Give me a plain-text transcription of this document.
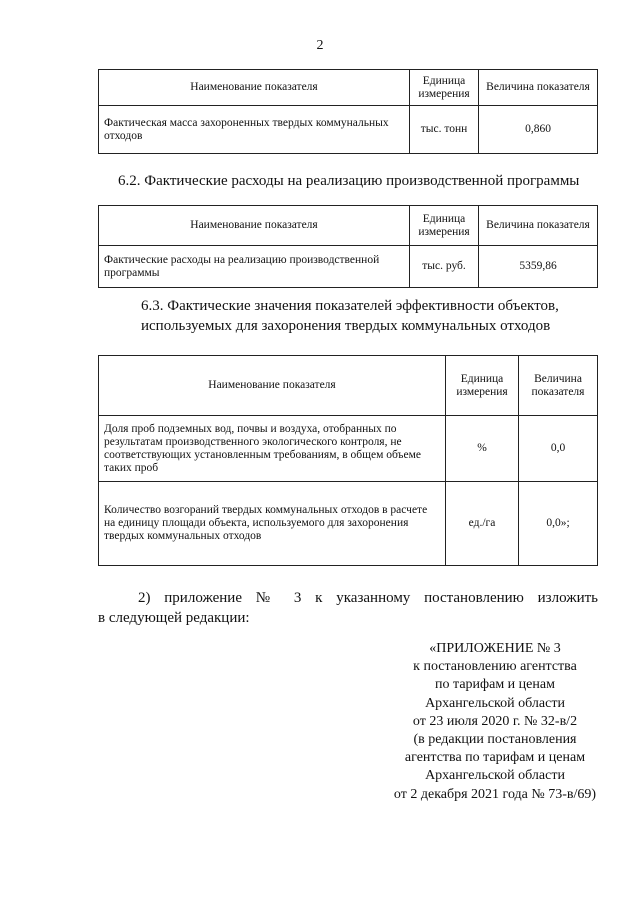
2
Наименование показателя	Единица измерения	Величина показателя
Фактическая масса захороненных твердых коммунальных отходов	тыс. тонн	0,860
6.2. Фактические расходы на реализацию производственной программы
Наименование показателя	Единица измерения	Величина показателя
Фактические расходы на реализацию производственной программы	тыс. руб.	5359,86
6.3. Фактические значения показателей эффективности объектов,
используемых для захоронения твердых коммунальных отходов
Наименование показателя	Единица измерения	Величина показателя
Доля проб подземных вод, почвы и воздуха, отобранных по результатам производственного экологического контроля, не соответствующих установленным требованиям, в общем объеме таких проб	%	0,0
Количество возгораний твердых коммунальных отходов в расчете на единицу площади объекта, используемого для захоронения твердых коммунальных отходов	ед./га	0,0»;
2) приложение № 3 к указанному постановлению изложить
в следующей редакции:
«ПРИЛОЖЕНИЕ № 3
к постановлению агентства
по тарифам и ценам
Архангельской области
от 23 июля 2020 г. № 32-в/2
(в редакции постановления
агентства по тарифам и ценам
Архангельской области
от 2 декабря 2021 года № 73-в/69)
